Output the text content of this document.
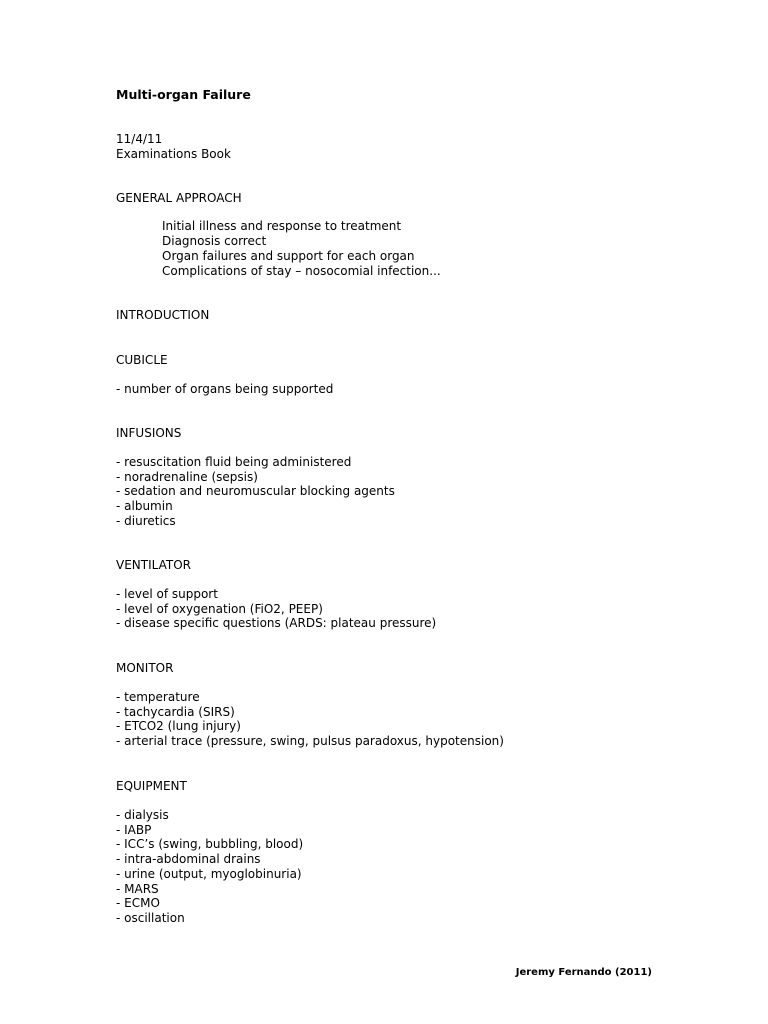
Multi-organ Failure
11/4/11
Examinations Book
GENERAL APPROACH
Initial illness and response to treatment
Diagnosis correct
Organ failures and support for each organ
Complications of stay – nosocomial infection...
INTRODUCTION
CUBICLE
- number of organs being supported
INFUSIONS
- resuscitation fluid being administered
- noradrenaline (sepsis)
- sedation and neuromuscular blocking agents
- albumin
- diuretics
VENTILATOR
- level of support
- level of oxygenation (FiO2, PEEP)
- disease specific questions (ARDS: plateau pressure)
MONITOR
- temperature
- tachycardia (SIRS)
- ETCO2 (lung injury)
- arterial trace (pressure, swing, pulsus paradoxus, hypotension)
EQUIPMENT
- dialysis
- IABP
- ICC’s (swing, bubbling, blood)
- intra-abdominal drains
- urine (output, myoglobinuria)
- MARS
- ECMO
- oscillation
Jeremy Fernando (2011)
